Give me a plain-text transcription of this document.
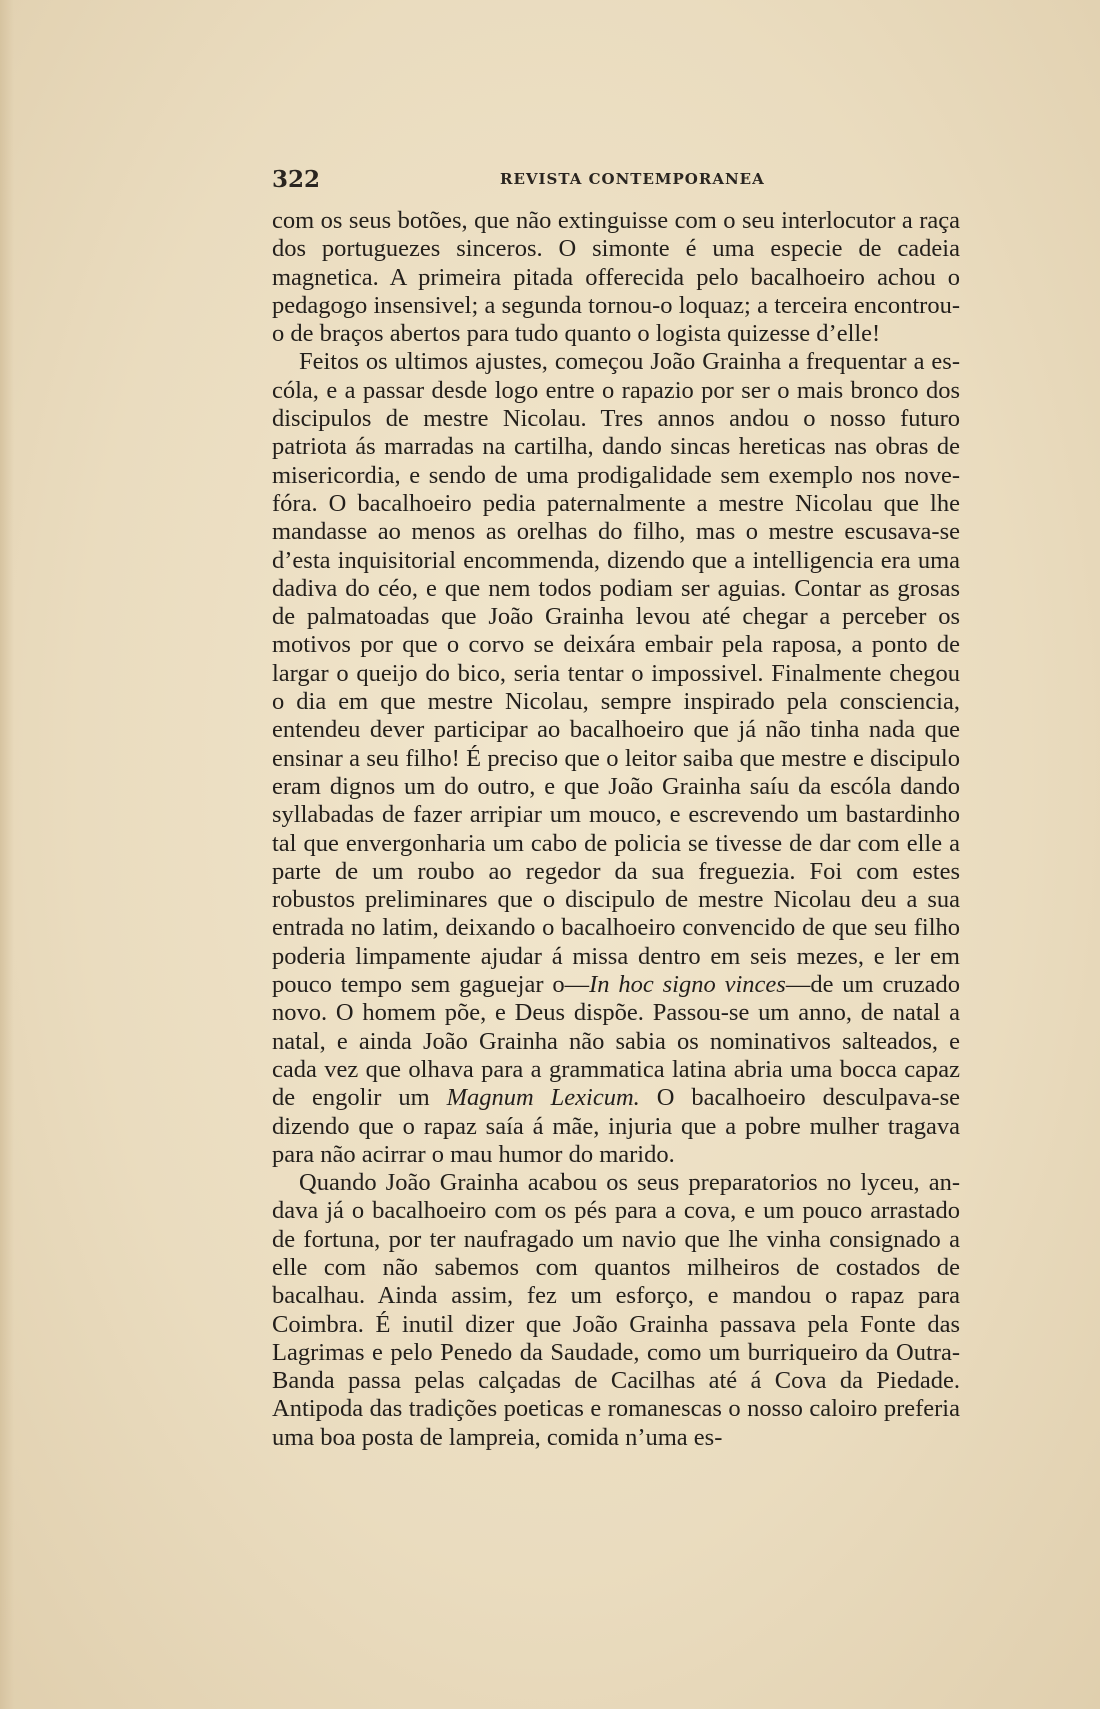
322	REVISTA CONTEMPORANEA

com os seus botões, que não extinguisse com o seu interlocutor a raça dos portuguezes sinceros. O simonte é uma especie de cadeia magnetica. A primeira pitada offerecida pelo bacalhoeiro achou o pedagogo insensivel; a segunda tornou-o loquaz; a terceira encontrou-o de braços abertos para tudo quanto o logista quizesse d’elle!

Feitos os ultimos ajustes, começou João Grainha a frequentar a escóla, e a passar desde logo entre o rapazio por ser o mais bronco dos discipulos de mestre Nicolau. Tres annos andou o nosso futuro patriota ás marradas na cartilha, dando sincas hereticas nas obras de misericordia, e sendo de uma prodigalidade sem exemplo nos nove-fóra. O bacalhoeiro pedia paternalmente a mestre Nicolau que lhe mandasse ao menos as orelhas do filho, mas o mestre escusava-se d’esta inquisitorial encommenda, dizendo que a intelligencia era uma dadiva do céo, e que nem todos podiam ser aguias. Contar as grosas de palmatoadas que João Grainha levou até chegar a perceber os motivos por que o corvo se deixára embair pela raposa, a ponto de largar o queijo do bico, seria tentar o impossivel. Finalmente chegou o dia em que mestre Nicolau, sempre inspirado pela consciencia, entendeu dever participar ao bacalhoeiro que já não tinha nada que ensinar a seu filho! É preciso que o leitor saiba que mestre e discipulo eram dignos um do outro, e que João Grainha saíu da escóla dando syllabadas de fazer arripiar um mouco, e escrevendo um bastardinho tal que envergonharia um cabo de policia se tivesse de dar com elle a parte de um roubo ao regedor da sua freguezia. Foi com estes robustos preliminares que o discipulo de mestre Nicolau deu a sua entrada no latim, deixando o bacalhoeiro convencido de que seu filho poderia limpamente ajudar á missa dentro em seis mezes, e ler em pouco tempo sem gaguejar o—In hoc signo vinces—de um cruzado novo. O homem põe, e Deus dispõe. Passou-se um anno, de natal a natal, e ainda João Grainha não sabia os nominativos salteados, e cada vez que olhava para a grammatica latina abria uma bocca capaz de engolir um Magnum Lexicum. O bacalhoeiro desculpava-se dizendo que o rapaz saía á mãe, injuria que a pobre mulher tragava para não acirrar o mau humor do marido.

Quando João Grainha acabou os seus preparatorios no lyceu, andava já o bacalhoeiro com os pés para a cova, e um pouco arrastado de fortuna, por ter naufragado um navio que lhe vinha consignado a elle com não sabemos com quantos milheiros de costados de bacalhau. Ainda assim, fez um esforço, e mandou o rapaz para Coimbra. É inutil dizer que João Grainha passava pela Fonte das Lagrimas e pelo Penedo da Saudade, como um burriqueiro da Outra-Banda passa pelas calçadas de Cacilhas até á Cova da Piedade. Antipoda das tradições poeticas e romanescas o nosso caloiro preferia uma boa posta de lampreia, comida n’uma es-
